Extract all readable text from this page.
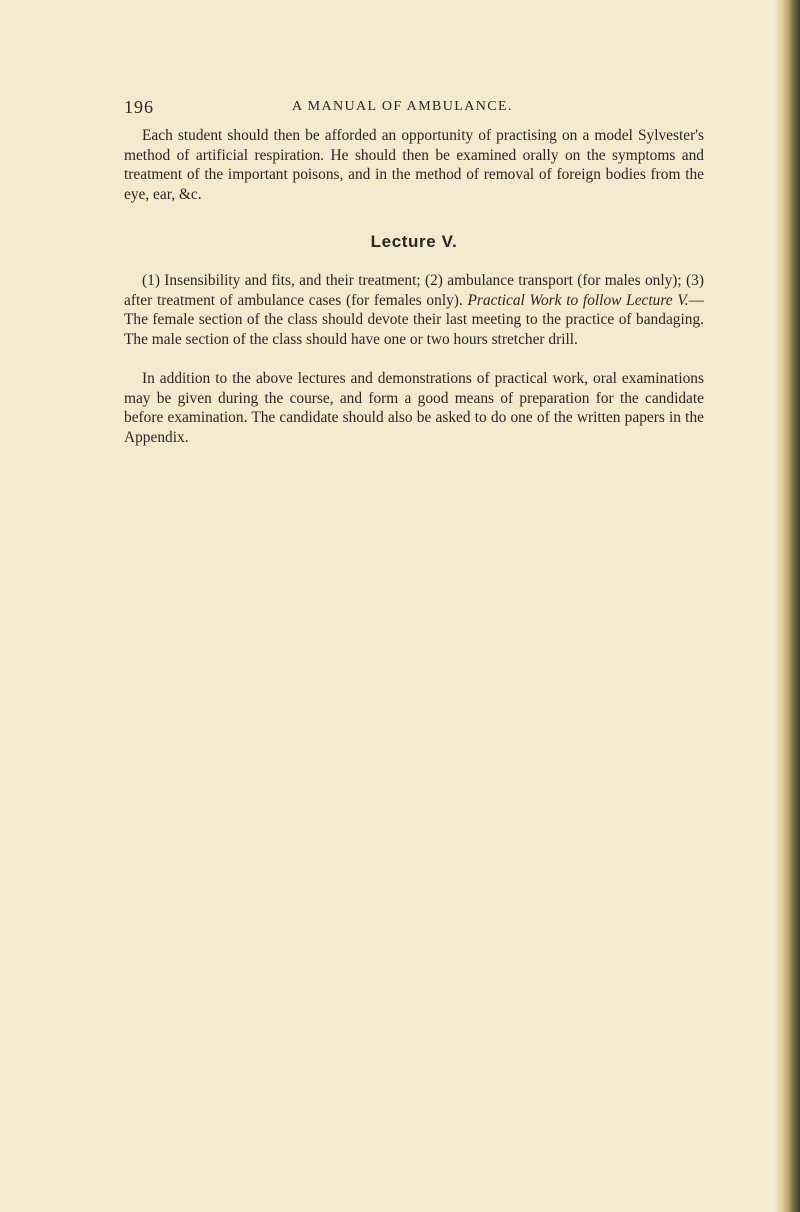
196	A MANUAL OF AMBULANCE.

Each student should then be afforded an opportunity of practising on a model Sylvester's method of artificial respiration. He should then be examined orally on the symptoms and treatment of the important poisons, and in the method of removal of foreign bodies from the eye, ear, &c.

Lecture V.

(1) Insensibility and fits, and their treatment; (2) ambulance transport (for males only); (3) after treatment of ambulance cases (for females only). Practical Work to follow Lecture V.—The female section of the class should devote their last meeting to the practice of bandaging. The male section of the class should have one or two hours stretcher drill.

In addition to the above lectures and demonstrations of practical work, oral examinations may be given during the course, and form a good means of preparation for the candidate before examination. The candidate should also be asked to do one of the written papers in the Appendix.
